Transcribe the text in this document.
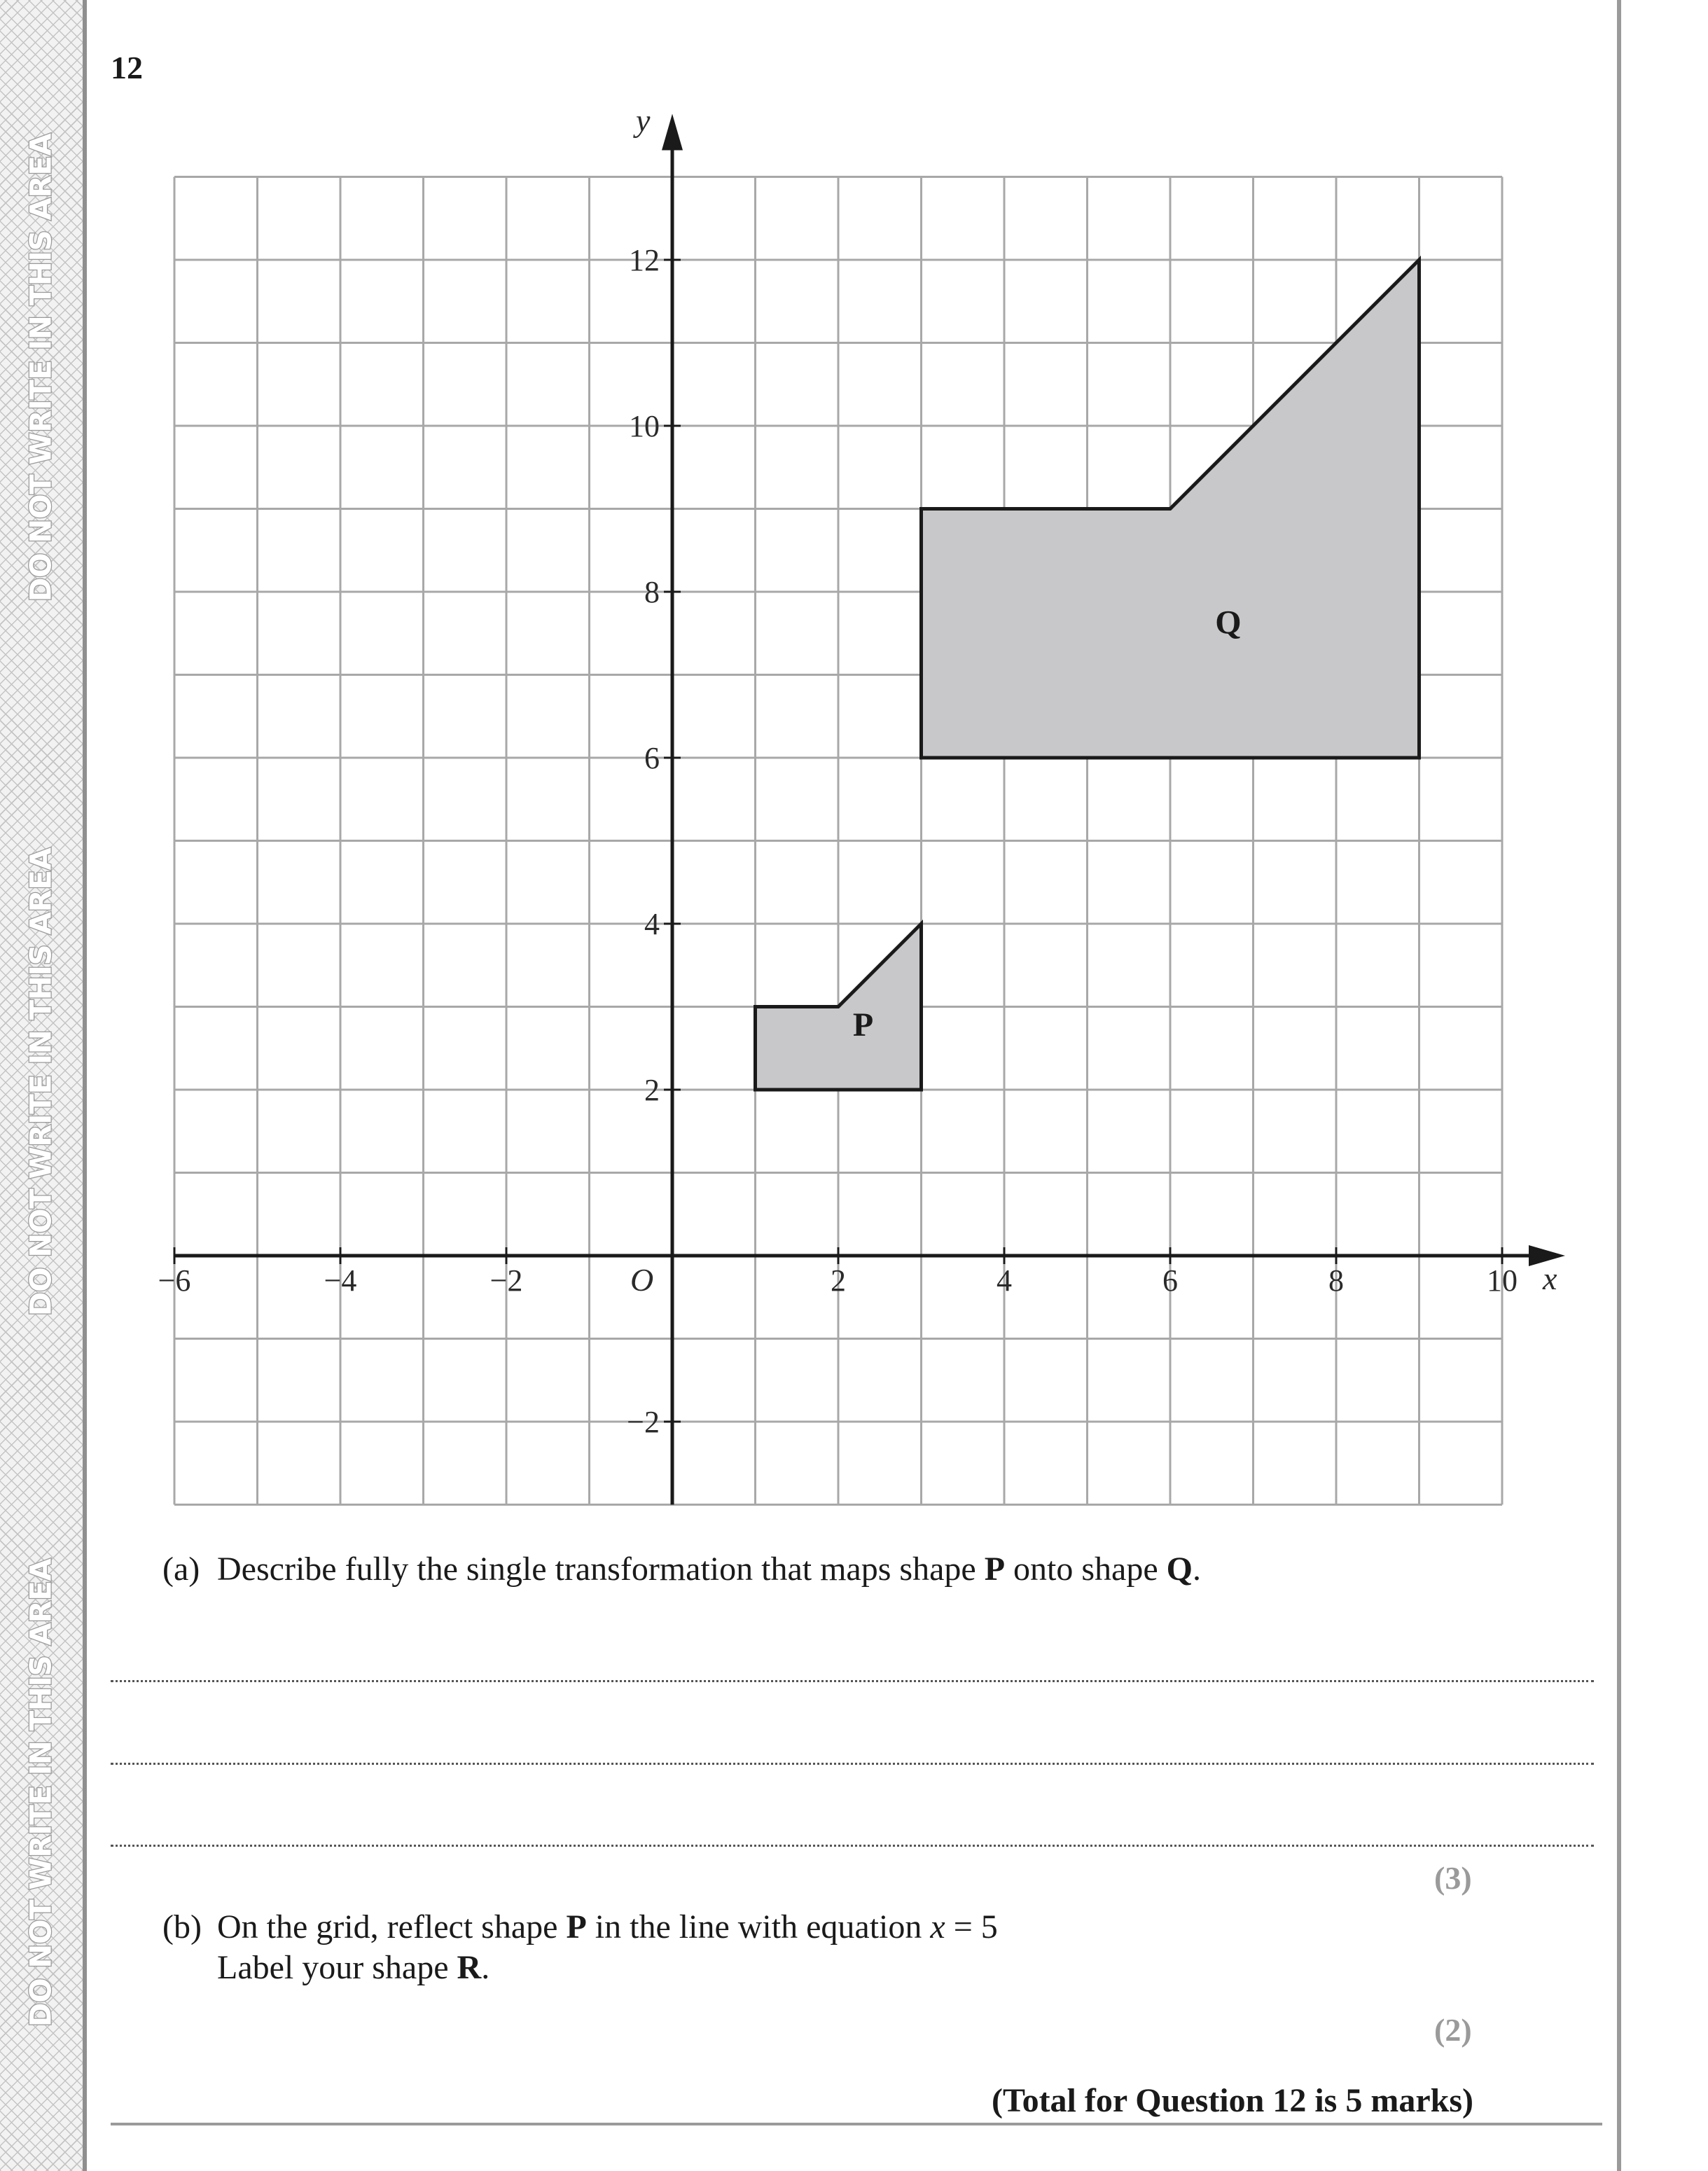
DO NOT WRITE IN THIS AREA
DO NOT WRITE IN THIS AREA
DO NOT WRITE IN THIS AREA
12
P
Q
−6	−4	−2	2	4	6	8	10
−2
2
4
6
8
10
12
O	x
y
(a) Describe fully the single transformation that maps shape P onto shape Q.
(3)
(b) On the grid, reflect shape P in the line with equation x = 5
Label your shape R.
(2)
(Total for Question 12 is 5 marks)
